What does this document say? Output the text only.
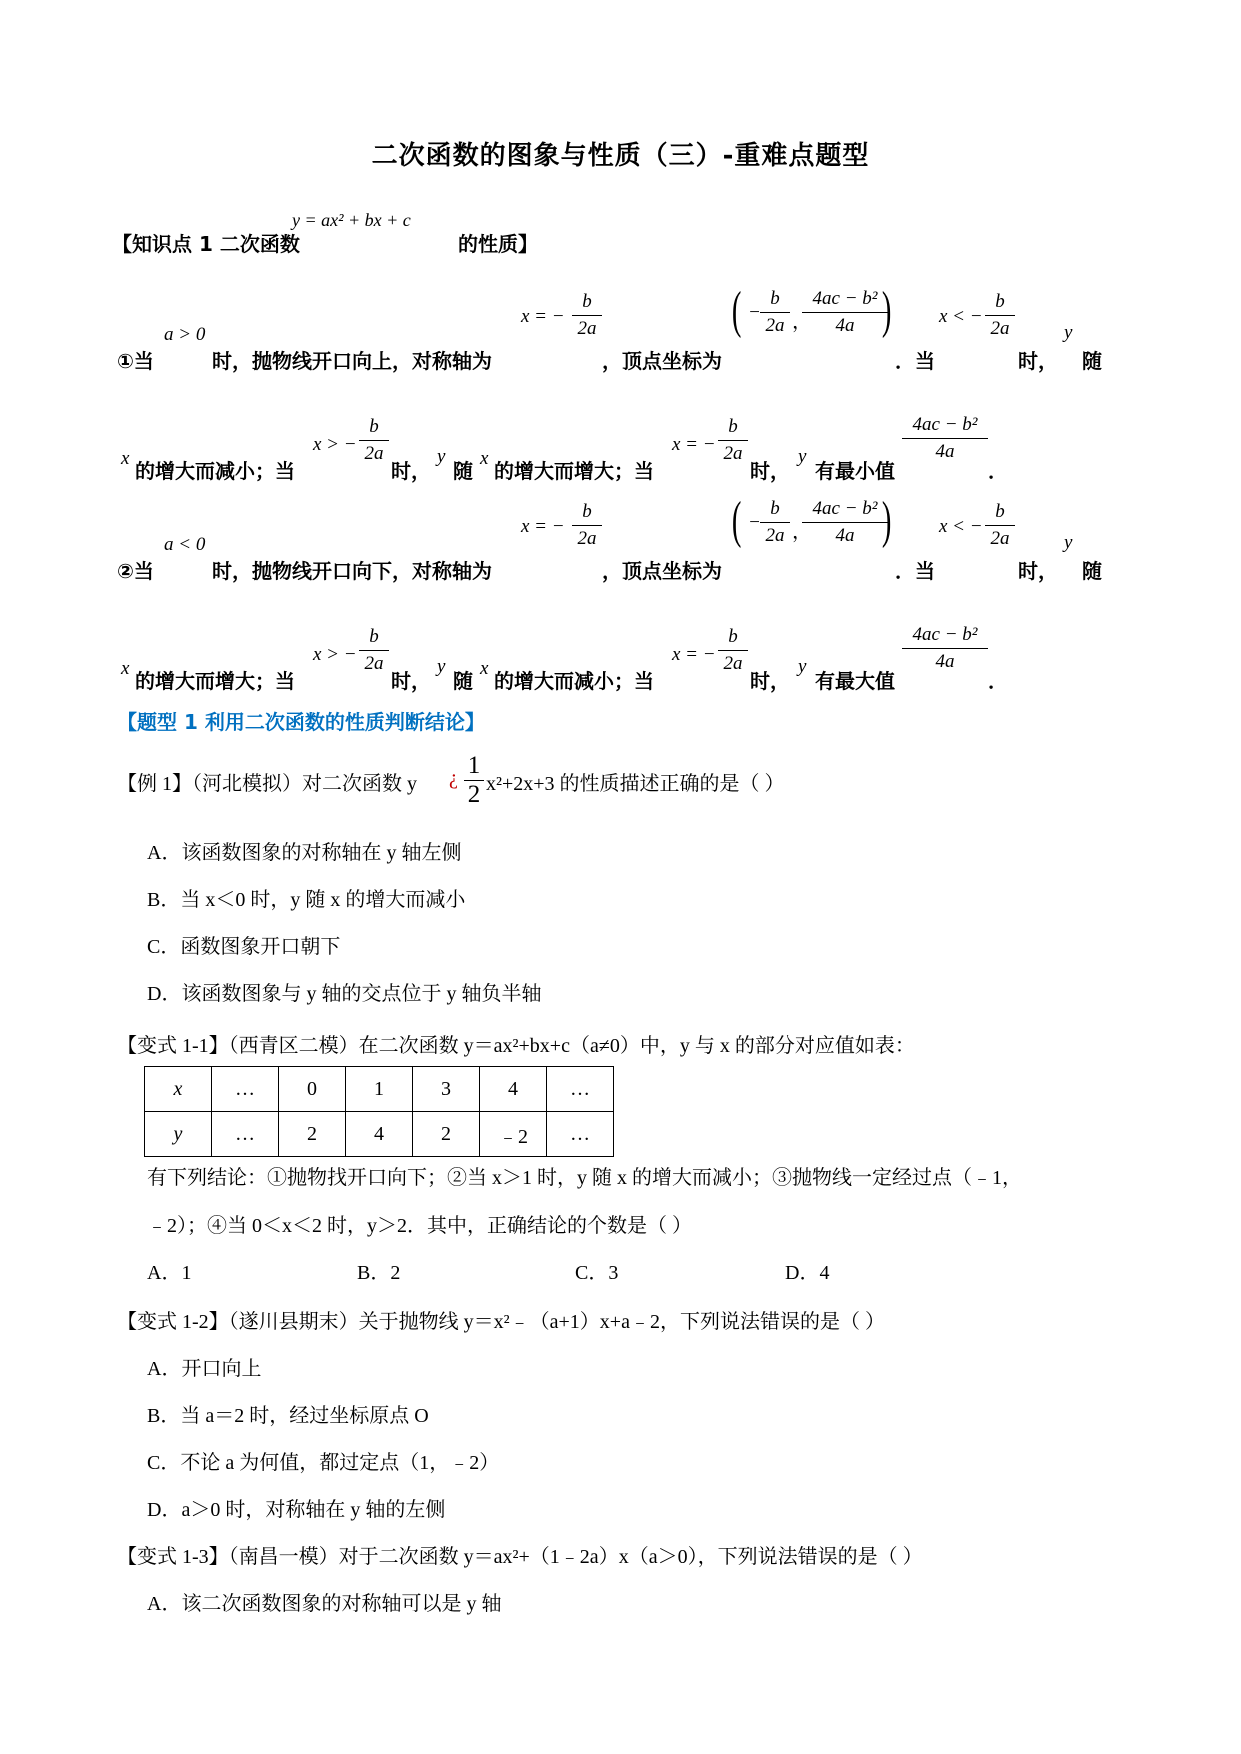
二次函数的图象与性质（三）-重难点题型
【知识点 1 二次函数
y = ax² + bx + c
的性质】
①当
a > 0
时，抛物线开口向上，对称轴为
x = −
b
2a
，顶点坐标为
( −
b
2a ，
4ac − b²
4a )
．当
x < −
b
2a
时，
y
随
x
的增大而减小；当
x > −
b
2a
时，
y
随
x
的增大而增大；当
x = −
b
2a
时，
y
有最小值
4ac − b²
4a
．
②当
a < 0
时，抛物线开口向下，对称轴为
x = −
b
2a
，顶点坐标为
( −
b
2a ，
4ac − b²
4a )
．当
x < −
b
2a
时，
y
随
x
的增大而增大；当
x > −
b
2a
时，
y
随
x
的增大而减小；当
x = −
b
2a
时，
y
有最大值
4ac − b²
4a
．
【题型 1 利用二次函数的性质判断结论】
【例 1】（河北模拟）对二次函数 y ¿ 1
2 x²+2x+3 的性质描述正确的是（ ）
A．该函数图象的对称轴在 y 轴左侧
B．当 x＜0 时，y 随 x 的增大而减小
C．函数图象开口朝下
D．该函数图象与 y 轴的交点位于 y 轴负半轴
【变式 1-1】（西青区二模）在二次函数 y＝ax²+bx+c（a≠0）中，y 与 x 的部分对应值如表：
x	…	0	1	3	4	…
y	…	2	4	2	﹣2	…
有下列结论：①抛物找开口向下；②当 x＞1 时，y 随 x 的增大而减小；③抛物线一定经过点（﹣1，
﹣2）；④当 0＜x＜2 时，y＞2．其中，正确结论的个数是（ ）
A．1	B．2	C．3	D．4
【变式 1-2】（遂川县期末）关于抛物线 y＝x²﹣（a+1）x+a﹣2，下列说法错误的是（ ）
A．开口向上
B．当 a＝2 时，经过坐标原点 O
C．不论 a 为何值，都过定点（1，﹣2）
D．a＞0 时，对称轴在 y 轴的左侧
【变式 1-3】（南昌一模）对于二次函数 y＝ax²+（1﹣2a）x（a＞0），下列说法错误的是（ ）
A．该二次函数图象的对称轴可以是 y 轴
